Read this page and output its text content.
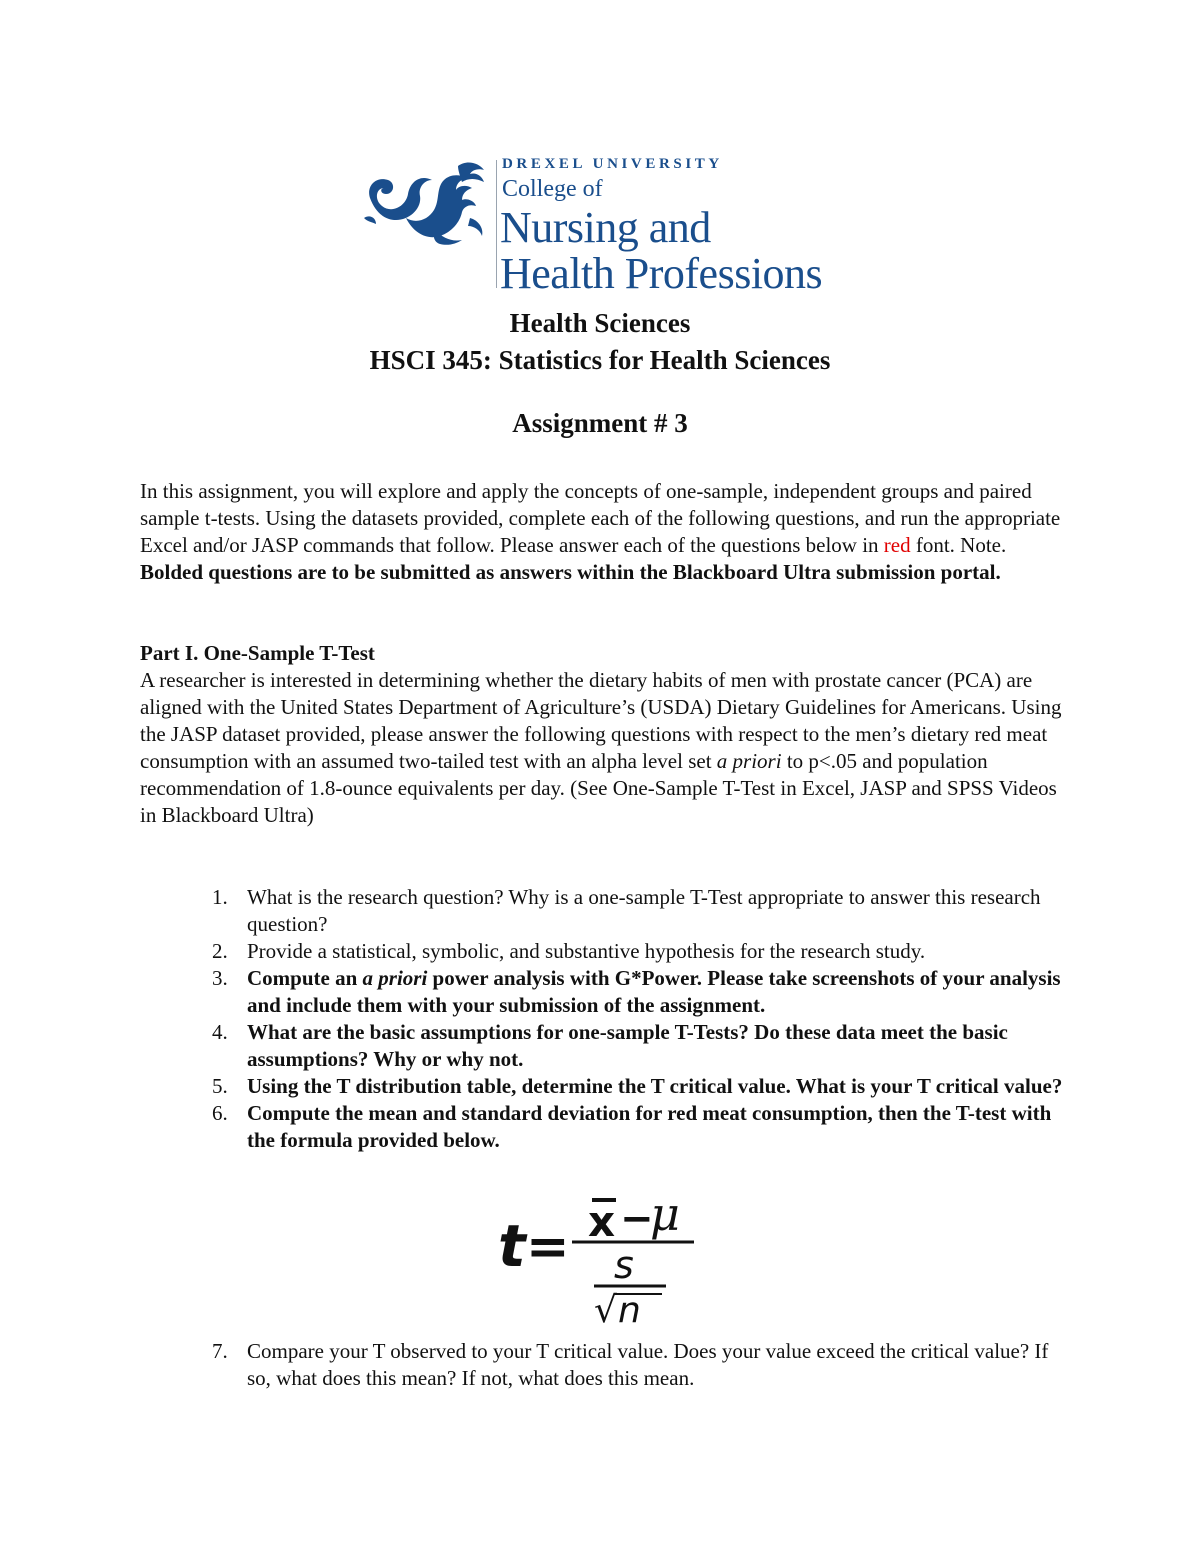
DREXEL UNIVERSITY
College of
Nursing and
Health Professions
Health Sciences
HSCI 345: Statistics for Health Sciences
Assignment # 3
In this assignment, you will explore and apply the concepts of one-sample, independent groups and paired sample t-tests. Using the datasets provided, complete each of the following questions, and run the appropriate Excel and/or JASP commands that follow. Please answer each of the questions below in red font. Note. Bolded questions are to be submitted as answers within the Blackboard Ultra submission portal.
Part I. One-Sample T-Test
A researcher is interested in determining whether the dietary habits of men with prostate cancer (PCA) are aligned with the United States Department of Agriculture’s (USDA) Dietary Guidelines for Americans. Using the JASP dataset provided, please answer the following questions with respect to the men’s dietary red meat consumption with an assumed two-tailed test with an alpha level set a priori to p<.05 and population recommendation of 1.8-ounce equivalents per day. (See One-Sample T-Test in Excel, JASP and SPSS Videos in Blackboard Ultra)
1. What is the research question? Why is a one-sample T-Test appropriate to answer this research question?
2. Provide a statistical, symbolic, and substantive hypothesis for the research study.
3. Compute an a priori power analysis with G*Power. Please take screenshots of your analysis and include them with your submission of the assignment.
4. What are the basic assumptions for one-sample T-Tests? Do these data meet the basic assumptions? Why or why not.
5. Using the T distribution table, determine the T critical value. What is your T critical value?
6. Compute the mean and standard deviation for red meat consumption, then the T-test with the formula provided below.
t = x −
μ
s
√ n
7. Compare your T observed to your T critical value. Does your value exceed the critical value? If so, what does this mean? If not, what does this mean.
